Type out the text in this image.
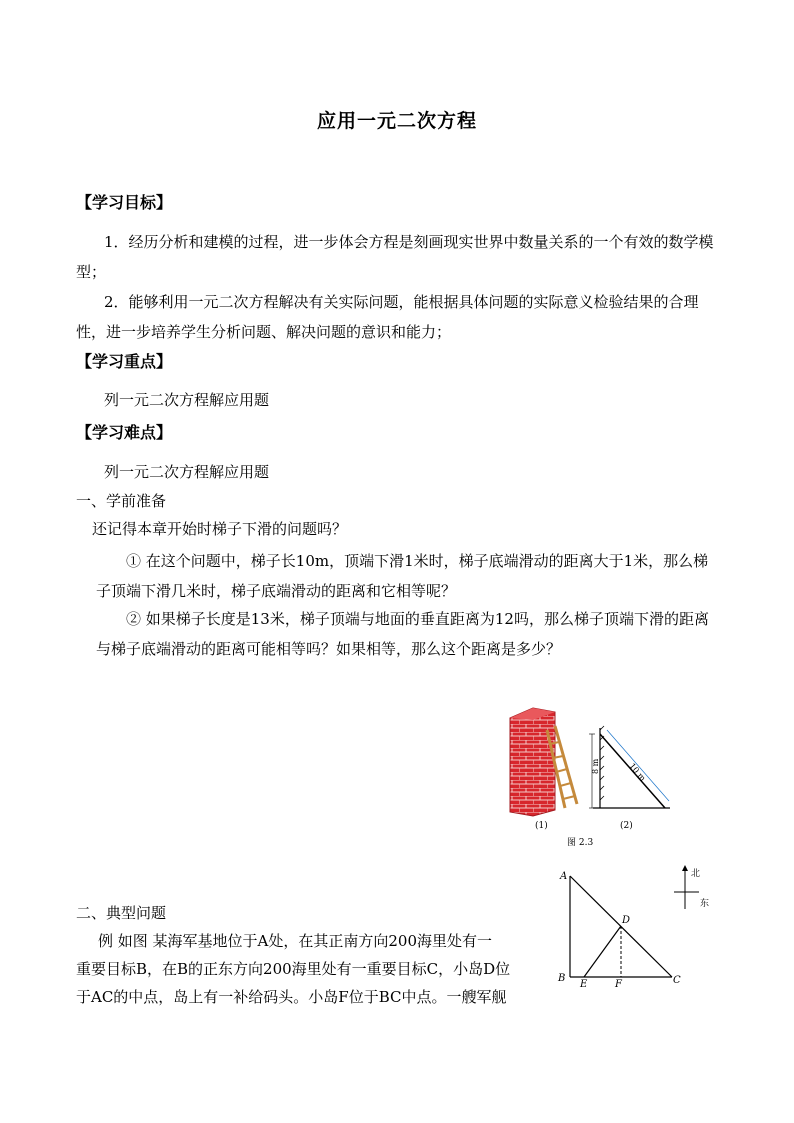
应用一元二次方程
【学习目标】
1．经历分析和建模的过程，进一步体会方程是刻画现实世界中数量关系的一个有效的数学模型；
2．能够利用一元二次方程解决有关实际问题，能根据具体问题的实际意义检验结果的合理性，进一步培养学生分析问题、解决问题的意识和能力；
【学习重点】
列一元二次方程解应用题
【学习难点】
列一元二次方程解应用题
一、学前准备
还记得本章开始时梯子下滑的问题吗？
① 在这个问题中，梯子长10m，顶端下滑1米时，梯子底端滑动的距离大于1米，那么梯子顶端下滑几米时，梯子底端滑动的距离和它相等呢？
② 如果梯子长度是13米，梯子顶端与地面的垂直距离为12吗，那么梯子顶端下滑的距离与梯子底端滑动的距离可能相等吗？如果相等，那么这个距离是多少？
8 m	10 m
(1)	(2)
图 2.3
二、典型问题
例 如图 某海军基地位于A处，在其正南方向200海里处有一
重要目标B，在B的正东方向200海里处有一重要目标C，小岛D位
于AC的中点，岛上有一补给码头。小岛F位于BC中点。一艘军舰
A
B	C
D
E	F
北
东
